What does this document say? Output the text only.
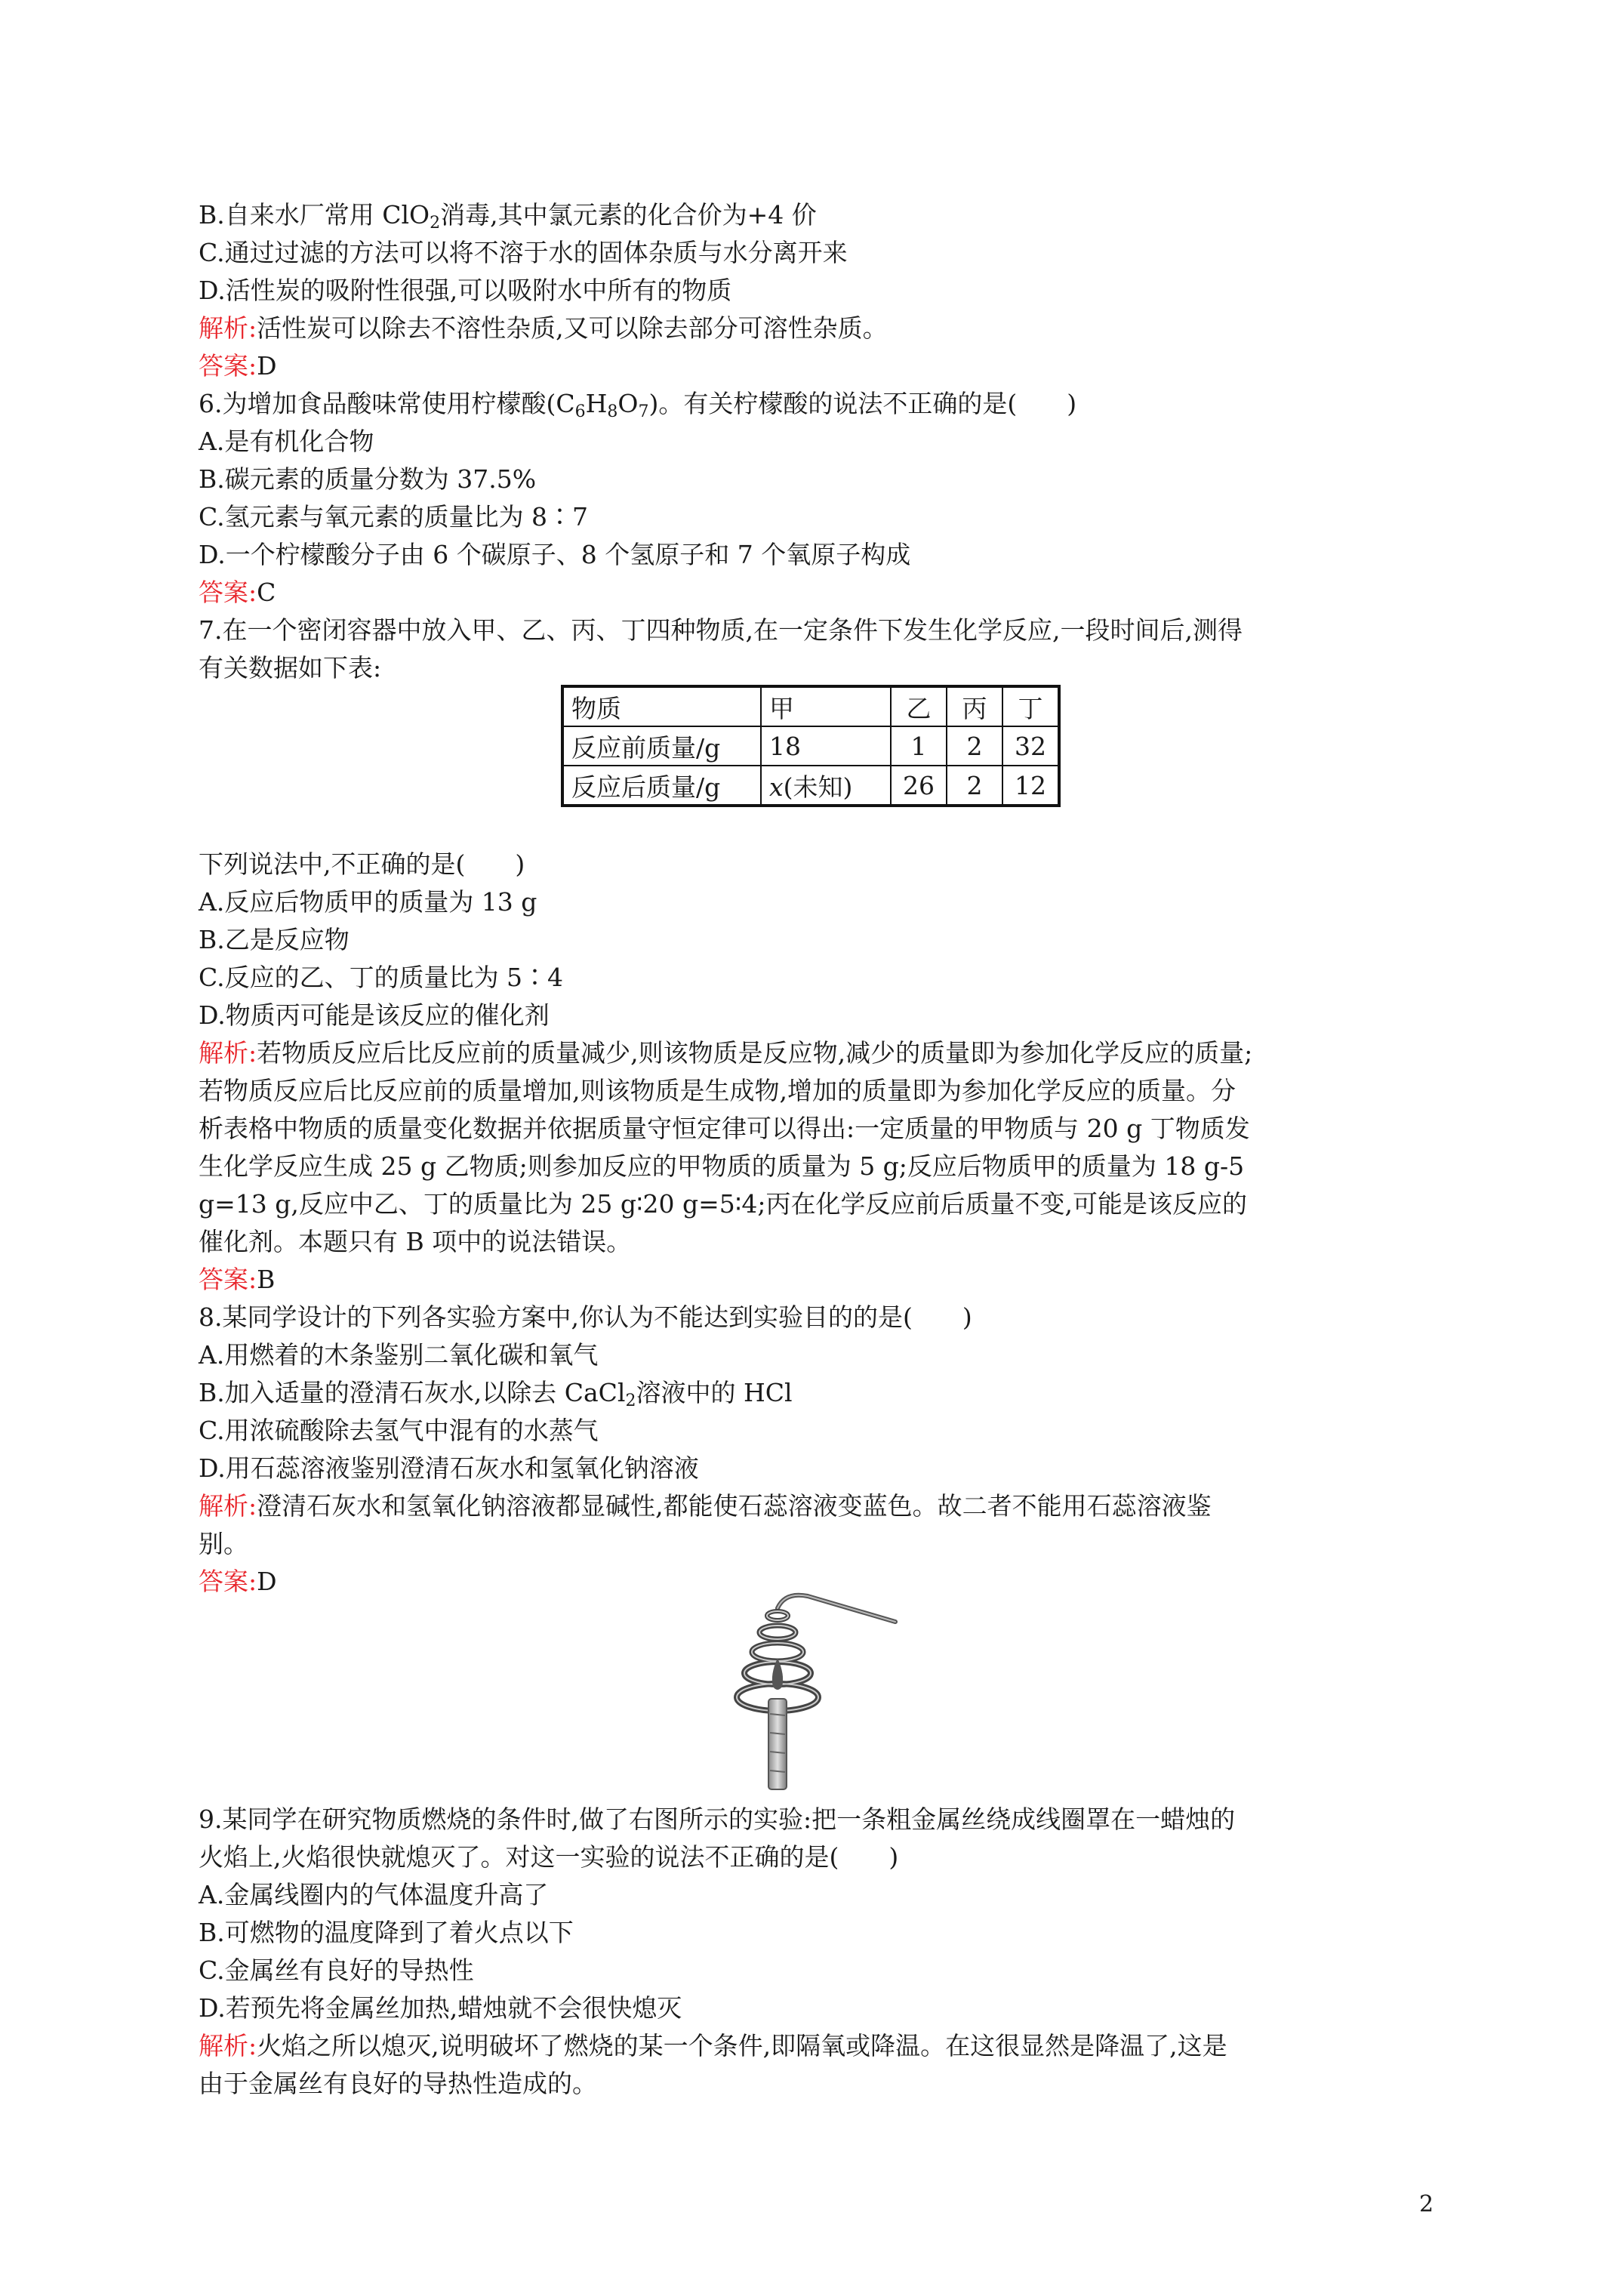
B.自来水厂常用 ClO$_2$消毒,其中氯元素的化合价为+4 价
C.通过过滤的方法可以将不溶于水的固体杂质与水分离开来
D.活性炭的吸附性很强,可以吸附水中所有的物质
解析:活性炭可以除去不溶性杂质,又可以除去部分可溶性杂质。
答案:D
6.为增加食品酸味常使用柠檬酸$(C_6H_8O_7)$。有关柠檬酸的说法不正确的是(　　)
A.是有机化合物
B.碳元素的质量分数为 37.5%
C.氢元素与氧元素的质量比为 8∶7
D.一个柠檬酸分子由 6 个碳原子、8 个氢原子和 7 个氧原子构成
答案:C
7.在一个密闭容器中放入甲、乙、丙、丁四种物质,在一定条件下发生化学反应,一段时间后,测得
有关数据如下表:
物质	甲	乙	丙	丁
反应前质量/g	18	1	2	32
反应后质量/g	x(未知)	26	2	12
下列说法中,不正确的是(　　)
A.反应后物质甲的质量为 13 g
B.乙是反应物
C.反应的乙、丁的质量比为 5∶4
D.物质丙可能是该反应的催化剂
解析:若物质反应后比反应前的质量减少,则该物质是反应物,减少的质量即为参加化学反应的质量;
若物质反应后比反应前的质量增加,则该物质是生成物,增加的质量即为参加化学反应的质量。分
析表格中物质的质量变化数据并依据质量守恒定律可以得出:一定质量的甲物质与 20 g 丁物质发
生化学反应生成 25 g 乙物质;则参加反应的甲物质的质量为 5 g;反应后物质甲的质量为 18 g-5
g=13 g,反应中乙、丁的质量比为 25 g∶20 g=5∶4;丙在化学反应前后质量不变,可能是该反应的
催化剂。本题只有 B 项中的说法错误。
答案:B
8.某同学设计的下列各实验方案中,你认为不能达到实验目的的是(　　)
A.用燃着的木条鉴别二氧化碳和氧气
B.加入适量的澄清石灰水,以除去 CaCl$_2$溶液中的 HCl
C.用浓硫酸除去氢气中混有的水蒸气
D.用石蕊溶液鉴别澄清石灰水和氢氧化钠溶液
解析:澄清石灰水和氢氧化钠溶液都显碱性,都能使石蕊溶液变蓝色。故二者不能用石蕊溶液鉴
别。
答案:D
9.某同学在研究物质燃烧的条件时,做了右图所示的实验:把一条粗金属丝绕成线圈罩在一蜡烛的
火焰上,火焰很快就熄灭了。对这一实验的说法不正确的是(　　)
A.金属线圈内的气体温度升高了
B.可燃物的温度降到了着火点以下
C.金属丝有良好的导热性
D.若预先将金属丝加热,蜡烛就不会很快熄灭
解析:火焰之所以熄灭,说明破坏了燃烧的某一个条件,即隔氧或降温。在这很显然是降温了,这是
由于金属丝有良好的导热性造成的。
2
